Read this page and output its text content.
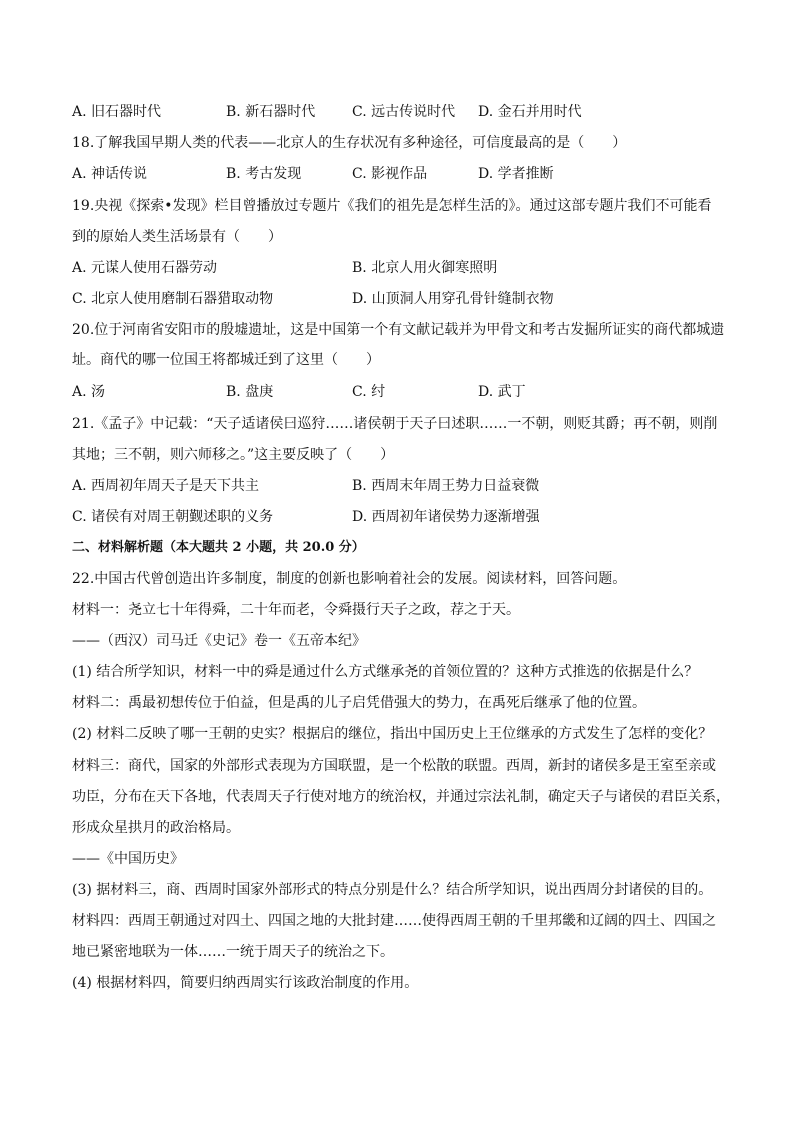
A. 旧石器时代	B. 新石器时代	C. 远古传说时代 D. 金石并用时代
18.了解我国早期人类的代表——北京人的生存状况有多种途径，可信度最高的是（　　）
A. 神话传说	B. 考古发现	C. 影视作品	D. 学者推断
19.央视《探索•发现》栏目曾播放过专题片《我们的祖先是怎样生活的》。通过这部专题片我们不可能看
到的原始人类生活场景有（　　）
A. 元谋人使用石器劳动	B. 北京人用火御寒照明
C. 北京人使用磨制石器猎取动物	D. 山顶洞人用穿孔骨针缝制衣物
20.位于河南省安阳市的殷墟遗址，这是中国第一个有文献记载并为甲骨文和考古发掘所证实的商代都城遗
址。商代的哪一位国王将都城迁到了这里（　　）
A. 汤	B. 盘庚	C. 纣	D. 武丁
21.《孟子》中记载：“天子适诸侯曰巡狩……诸侯朝于天子曰述职……一不朝，则贬其爵；再不朝，则削
其地；三不朝，则六师移之。”这主要反映了（　　）
A. 西周初年周天子是天下共主	B. 西周末年周王势力日益衰微
C. 诸侯有对周王朝觐述职的义务	D. 西周初年诸侯势力逐渐增强
二、材料解析题（本大题共 2 小题，共 20.0 分）
22.中国古代曾创造出许多制度，制度的创新也影响着社会的发展。阅读材料，回答问题。
材料一：尧立七十年得舜，二十年而老，令舜摄行天子之政，荐之于天。
——（西汉）司马迁《史记》卷一《五帝本纪》
(1) 结合所学知识，材料一中的舜是通过什么方式继承尧的首领位置的？这种方式推选的依据是什么？
材料二：禹最初想传位于伯益，但是禹的儿子启凭借强大的势力，在禹死后继承了他的位置。
(2) 材料二反映了哪一王朝的史实？根据启的继位，指出中国历史上王位继承的方式发生了怎样的变化？
材料三：商代，国家的外部形式表现为方国联盟，是一个松散的联盟。西周，新封的诸侯多是王室至亲或
功臣，分布在天下各地，代表周天子行使对地方的统治权，并通过宗法礼制，确定天子与诸侯的君臣关系，
形成众星拱月的政治格局。
——《中国历史》
(3) 据材料三，商、西周时国家外部形式的特点分别是什么？结合所学知识，说出西周分封诸侯的目的。
材料四：西周王朝通过对四土、四国之地的大批封建……使得西周王朝的千里邦畿和辽阔的四土、四国之
地已紧密地联为一体……一统于周天子的统治之下。
(4) 根据材料四，简要归纳西周实行该政治制度的作用。
